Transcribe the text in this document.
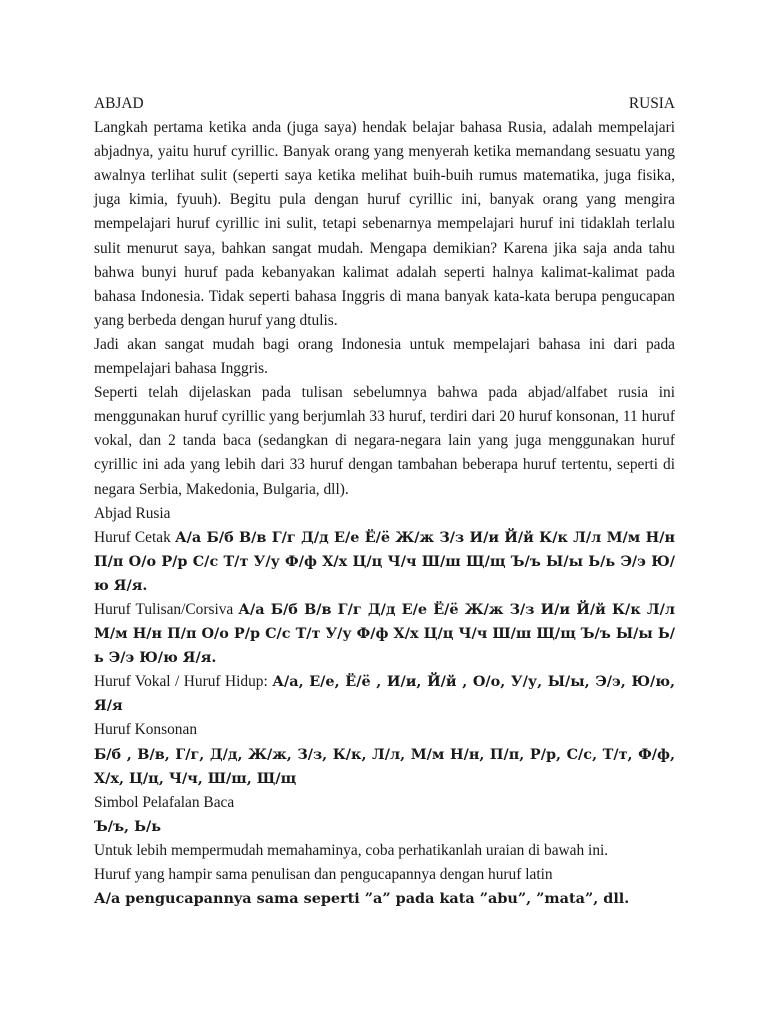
ABJAD	RUSIA

Langkah pertama ketika anda (juga saya) hendak belajar bahasa Rusia, adalah mempelajari abjadnya, yaitu huruf cyrillic. Banyak orang yang menyerah ketika memandang sesuatu yang awalnya terlihat sulit (seperti saya ketika melihat buih-buih rumus matematika, juga fisika, juga kimia, fyuuh). Begitu pula dengan huruf cyrillic ini, banyak orang yang mengira mempelajari huruf cyrillic ini sulit, tetapi sebenarnya mempelajari huruf ini tidaklah terlalu sulit menurut saya, bahkan sangat mudah. Mengapa demikian? Karena jika saja anda tahu bahwa bunyi huruf pada kebanyakan kalimat adalah seperti halnya kalimat-kalimat pada bahasa Indonesia. Tidak seperti bahasa Inggris di mana banyak kata-kata berupa pengucapan yang berbeda dengan huruf yang dtulis.

Jadi akan sangat mudah bagi orang Indonesia untuk mempelajari bahasa ini dari pada mempelajari bahasa Inggris.

Seperti telah dijelaskan pada tulisan sebelumnya bahwa pada abjad/alfabet rusia ini menggunakan huruf cyrillic yang berjumlah 33 huruf, terdiri dari 20 huruf konsonan, 11 huruf vokal, dan 2 tanda baca (sedangkan di negara-negara lain yang juga menggunakan huruf cyrillic ini ada yang lebih dari 33 huruf dengan tambahan beberapa huruf tertentu, seperti di negara Serbia, Makedonia, Bulgaria, dll).

Abjad Rusia

Huruf Cetak А/а Б/б В/в Г/г Д/д Е/е Ё/ё Ж/ж З/з И/и Й/й К/к Л/л М/м Н/н П/п О/о Р/р С/с Т/т У/у Ф/ф Х/х Ц/ц Ч/ч Ш/ш Щ/щ Ъ/ъ Ы/ы Ь/ь Э/э Ю/ю Я/я.

Huruf Tulisan/Corsiva А/а Б/б В/в Г/г Д/д Е/е Ё/ё Ж/ж З/з И/и Й/й К/к Л/л М/м Н/н П/п О/о Р/р С/с Т/т У/у Ф/ф Х/х Ц/ц Ч/ч Ш/ш Щ/щ Ъ/ъ Ы/ы Ь/ь Э/э Ю/ю Я/я.

Huruf Vokal / Huruf Hidup: А/а, Е/е, Ё/ё , И/и, Й/й , О/о, У/у, Ы/ы, Э/э, Ю/ю, Я/я

Huruf Konsonan

Б/б , В/в, Г/г, Д/д, Ж/ж, З/з, К/к, Л/л, М/м Н/н, П/п, Р/р, С/с, Т/т, Ф/ф, Х/х, Ц/ц, Ч/ч, Ш/ш, Щ/щ

Simbol Pelafalan Baca

Ъ/ъ, Ь/ь

Untuk lebih mempermudah memahaminya, coba perhatikanlah uraian di bawah ini.

Huruf yang hampir sama penulisan dan pengucapannya dengan huruf latin

А/а pengucapannya sama seperti ”а” pada kata ”abu”, ”mata”, dll.
